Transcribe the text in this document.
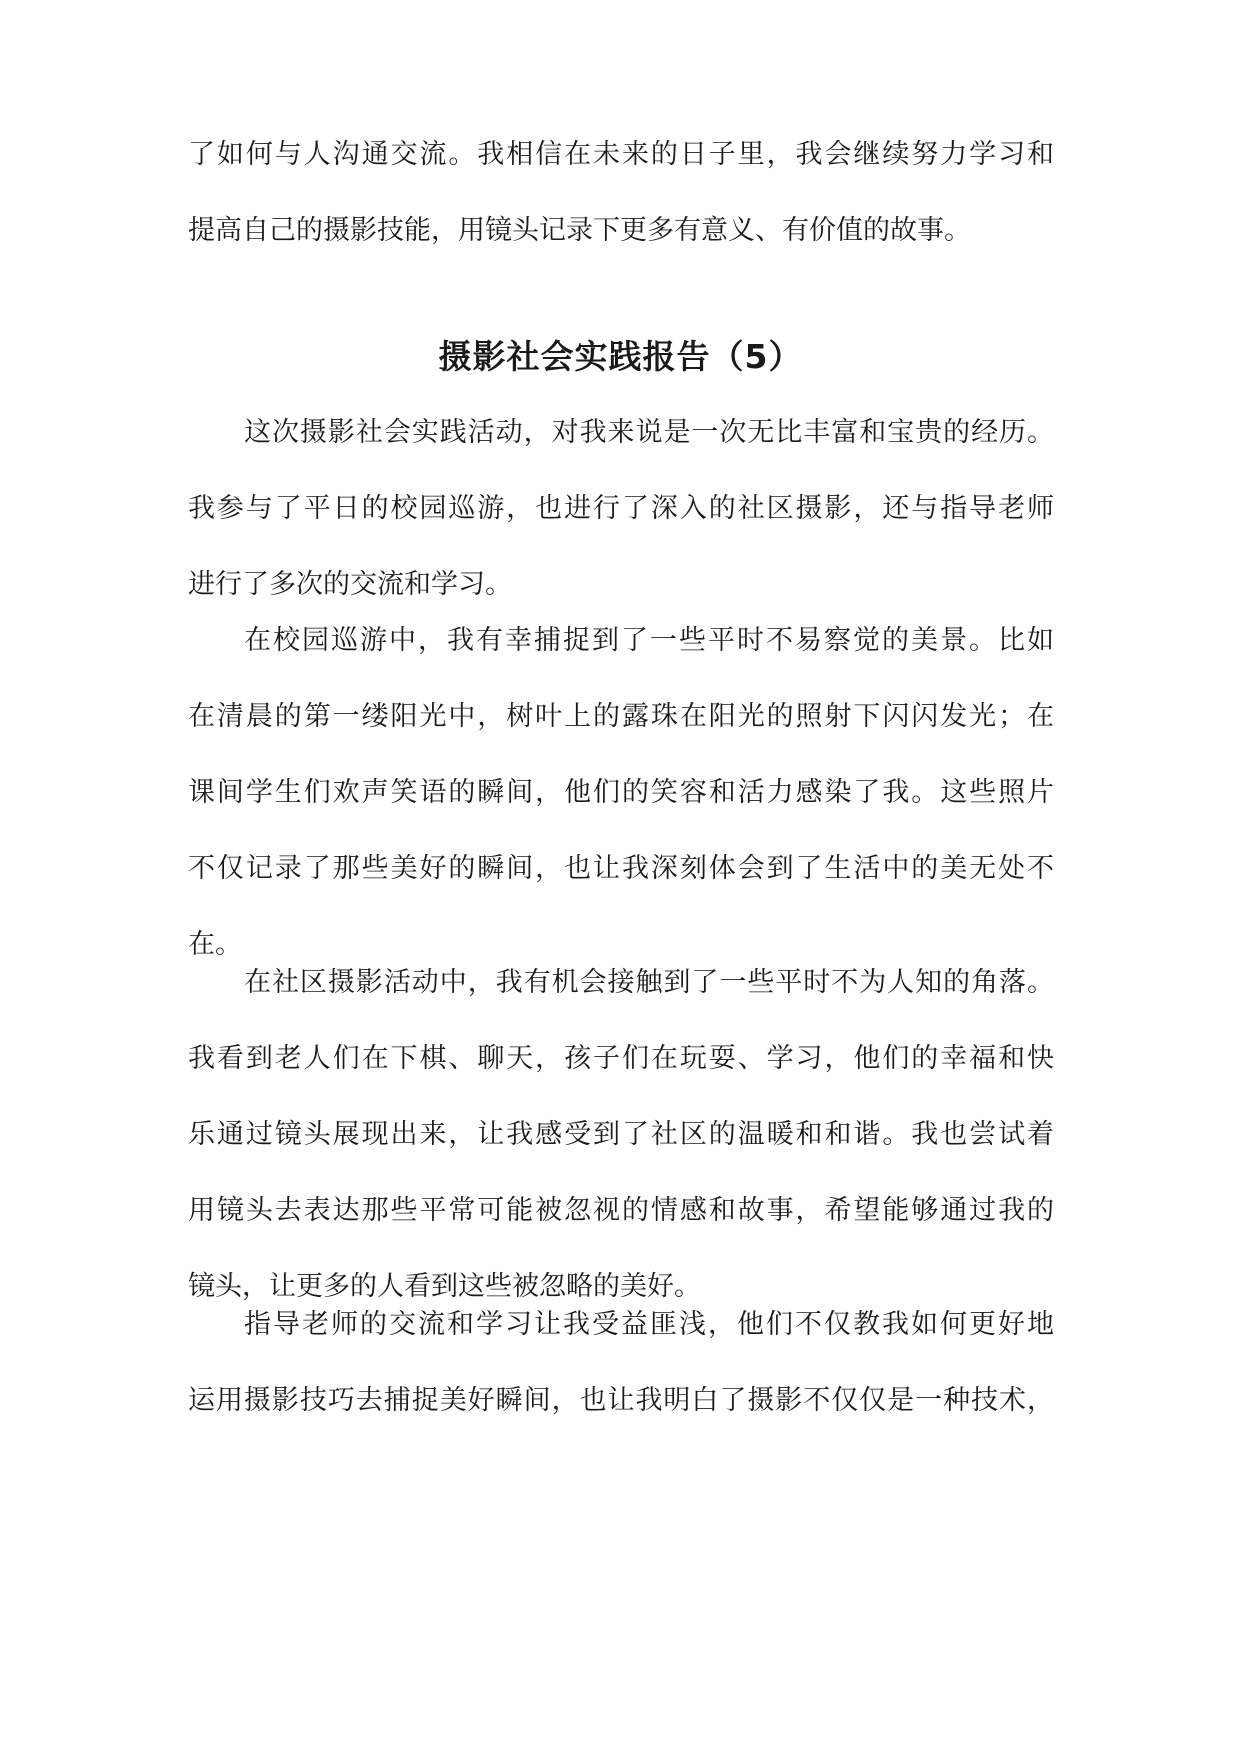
了如何与人沟通交流。我相信在未来的日子里，我会继续努力学习和
提高自己的摄影技能，用镜头记录下更多有意义、有价值的故事。
摄影社会实践报告（5）
这次摄影社会实践活动，对我来说是一次无比丰富和宝贵的经历。
我参与了平日的校园巡游，也进行了深入的社区摄影，还与指导老师
进行了多次的交流和学习。
在校园巡游中，我有幸捕捉到了一些平时不易察觉的美景。比如
在清晨的第一缕阳光中，树叶上的露珠在阳光的照射下闪闪发光；在
课间学生们欢声笑语的瞬间，他们的笑容和活力感染了我。这些照片
不仅记录了那些美好的瞬间，也让我深刻体会到了生活中的美无处不
在。
在社区摄影活动中，我有机会接触到了一些平时不为人知的角落。
我看到老人们在下棋、聊天，孩子们在玩耍、学习，他们的幸福和快
乐通过镜头展现出来，让我感受到了社区的温暖和和谐。我也尝试着
用镜头去表达那些平常可能被忽视的情感和故事，希望能够通过我的
镜头，让更多的人看到这些被忽略的美好。
指导老师的交流和学习让我受益匪浅，他们不仅教我如何更好地
运用摄影技巧去捕捉美好瞬间，也让我明白了摄影不仅仅是一种技术，
